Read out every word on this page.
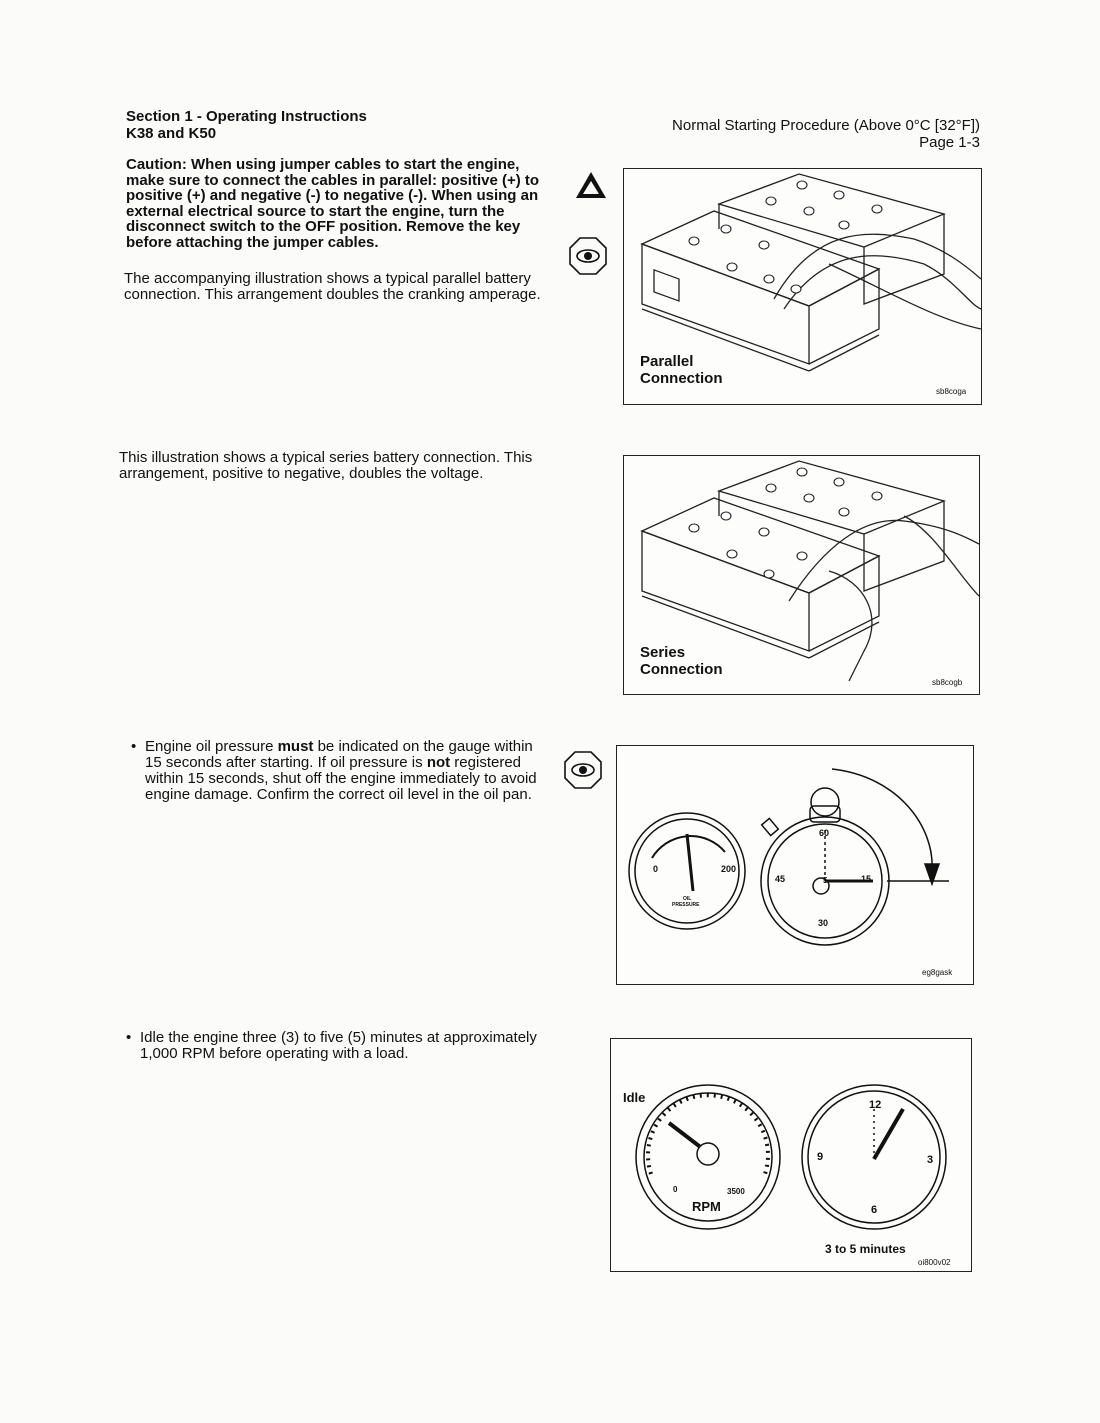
Section 1 - Operating Instructions
K38 and K50	Normal Starting Procedure (Above 0°C [32°F])
Page 1-3
Caution: When using jumper cables to start the engine, make sure to connect the cables in parallel: positive (+) to positive (+) and negative (-) to negative (-). When using an external electrical source to start the engine, turn the disconnect switch to the OFF position. Remove the key before attaching the jumper cables.
The accompanying illustration shows a typical parallel battery connection. This arrangement doubles the cranking amperage.
This illustration shows a typical series battery connection. This arrangement, positive to negative, doubles the voltage.
• Engine oil pressure must be indicated on the gauge within 15 seconds after starting. If oil pressure is not registered within 15 seconds, shut off the engine immediately to avoid engine damage. Confirm the correct oil level in the oil pan.
• Idle the engine three (3) to five (5) minutes at approximately 1,000 RPM before operating with a load.
Parallel
Connection
sb8coga
Series
Connection
sb8cogb
0	200
OIL
PRESSURE
60
15
30
45	5
eg8gask
Idle
0	3500
RPM
12
3
6
9
3 to 5 minutes
oi800v02
